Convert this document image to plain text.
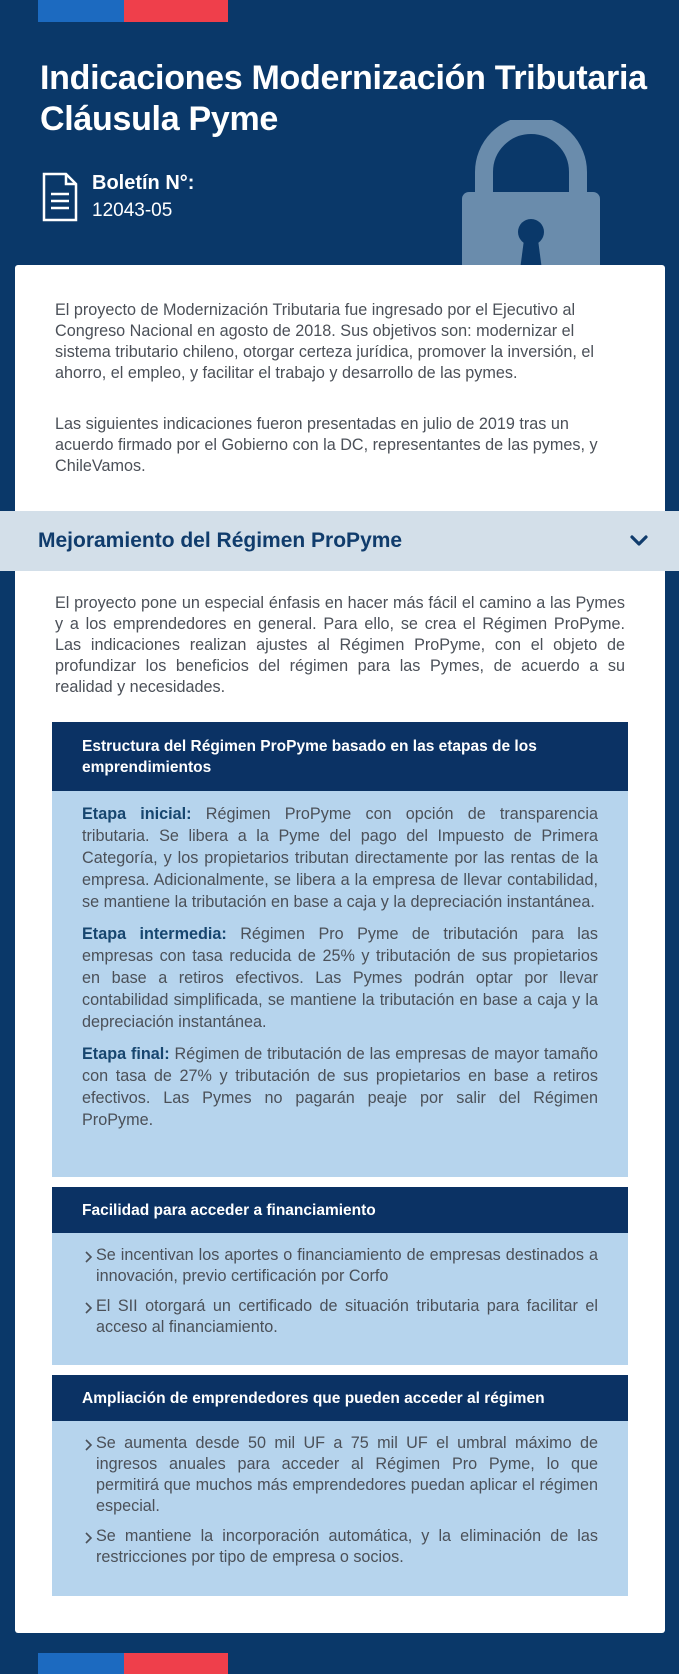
Indicaciones Modernización Tributaria
Cláusula Pyme
Boletín N°:
12043-05

El proyecto de Modernización Tributaria fue ingresado por el Ejecutivo al Congreso Nacional en agosto de 2018. Sus objetivos son: modernizar el sistema tributario chileno, otorgar certeza jurídica, promover la inversión, el ahorro, el empleo, y facilitar el trabajo y desarrollo de las pymes.

Las siguientes indicaciones fueron presentadas en julio de 2019 tras un acuerdo firmado por el Gobierno con la DC, representantes de las pymes, y ChileVamos.

Mejoramiento del Régimen ProPyme

El proyecto pone un especial énfasis en hacer más fácil el camino a las Pymes y a los emprendedores en general. Para ello, se crea el Régimen ProPyme. Las indicaciones realizan ajustes al Régimen ProPyme, con el objeto de profundizar los beneficios del régimen para las Pymes, de acuerdo a su realidad y necesidades.

Estructura del Régimen ProPyme basado en las etapas de los emprendimientos

Etapa inicial: Régimen ProPyme con opción de transparencia tributaria. Se libera a la Pyme del pago del Impuesto de Primera Categoría, y los propietarios tributan directamente por las rentas de la empresa. Adicionalmente, se libera a la empresa de llevar contabilidad, se mantiene la tributación en base a caja y la depreciación instantánea.

Etapa intermedia: Régimen Pro Pyme de tributación para las empresas con tasa reducida de 25% y tributación de sus propietarios en base a retiros efectivos. Las Pymes podrán optar por llevar contabilidad simplificada, se mantiene la tributación en base a caja y la depreciación instantánea.

Etapa final: Régimen de tributación de las empresas de mayor tamaño con tasa de 27% y tributación de sus propietarios en base a retiros efectivos. Las Pymes no pagarán peaje por salir del Régimen ProPyme.

Facilidad para acceder a financiamiento
Se incentivan los aportes o financiamiento de empresas destinados a innovación, previo certificación por Corfo
El SII otorgará un certificado de situación tributaria para facilitar el acceso al financiamiento.
Ampliación de emprendedores que pueden acceder al régimen
Se aumenta desde 50 mil UF a 75 mil UF el umbral máximo de ingresos anuales para acceder al Régimen Pro Pyme, lo que permitirá que muchos más emprendedores puedan aplicar el régimen especial.
Se mantiene la incorporación automática, y la eliminación de las restricciones por tipo de empresa o socios.
